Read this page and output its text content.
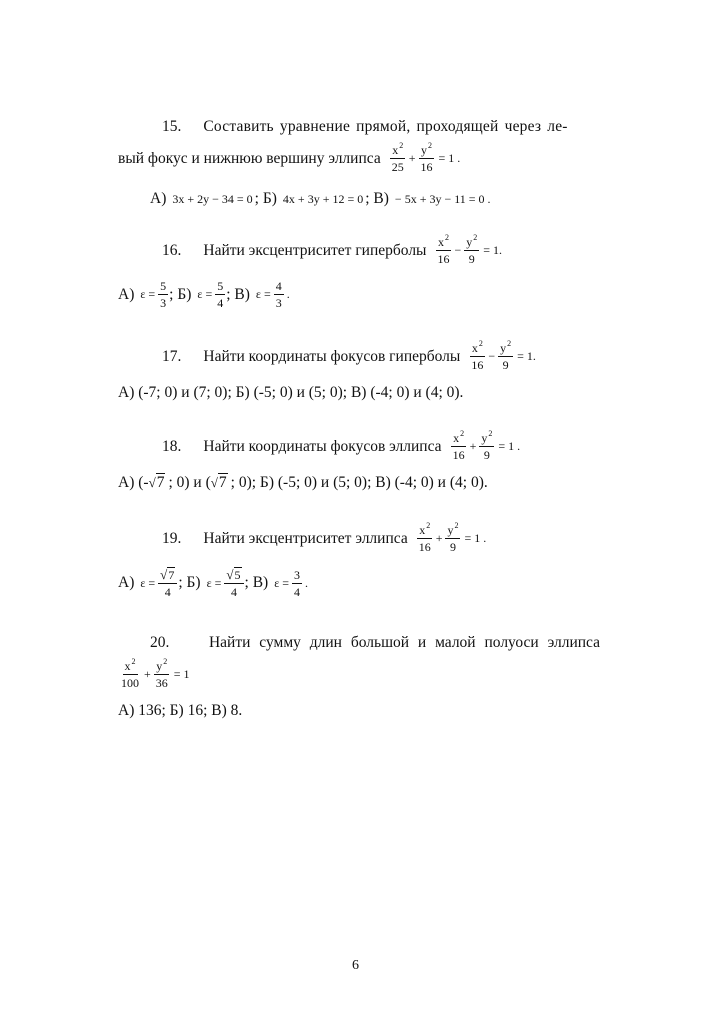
15. Составить уравнение прямой, проходящей через ле-
вый фокус и нижнюю вершину эллипса $\frac{x^2}{25} + \frac{y^2}{16} = 1$ .
А) 3x + 2y − 34 = 0 ; Б) 4x + 3y + 12 = 0 ; В) − 5x + 3y − 11 = 0 .
16. Найти эксцентриситет гиперболы $\frac{x^2}{16} - \frac{y^2}{9} = 1$.
А) $\varepsilon = \frac{5}{3}$ ; Б) $\varepsilon = \frac{5}{4}$ ; В) $\varepsilon = \frac{4}{3}$ .
17. Найти координаты фокусов гиперболы $\frac{x^2}{16} - \frac{y^2}{9} = 1$.
А) (-7; 0) и (7; 0); Б) (-5; 0) и (5; 0); В) (-4; 0) и (4; 0).
18. Найти координаты фокусов эллипса $\frac{x^2}{16} + \frac{y^2}{9} = 1$ .
А) (- √7 ; 0) и ( √7 ; 0); Б) (-5; 0) и (5; 0); В) (-4; 0) и (4; 0).
19. Найти эксцентриситет эллипса $\frac{x^2}{16} + \frac{y^2}{9} = 1$ .
А) $\varepsilon = \frac{√7}{4}$ ; Б) $\varepsilon = \frac{√5}{4}$ ; В) $\varepsilon = \frac{3}{4}$ .
20.	Найти сумму длин большой и малой полуоси эллипса
$\frac{x^2}{100} + \frac{y^2}{36} = 1$
А) 136; Б) 16; В) 8.
6
